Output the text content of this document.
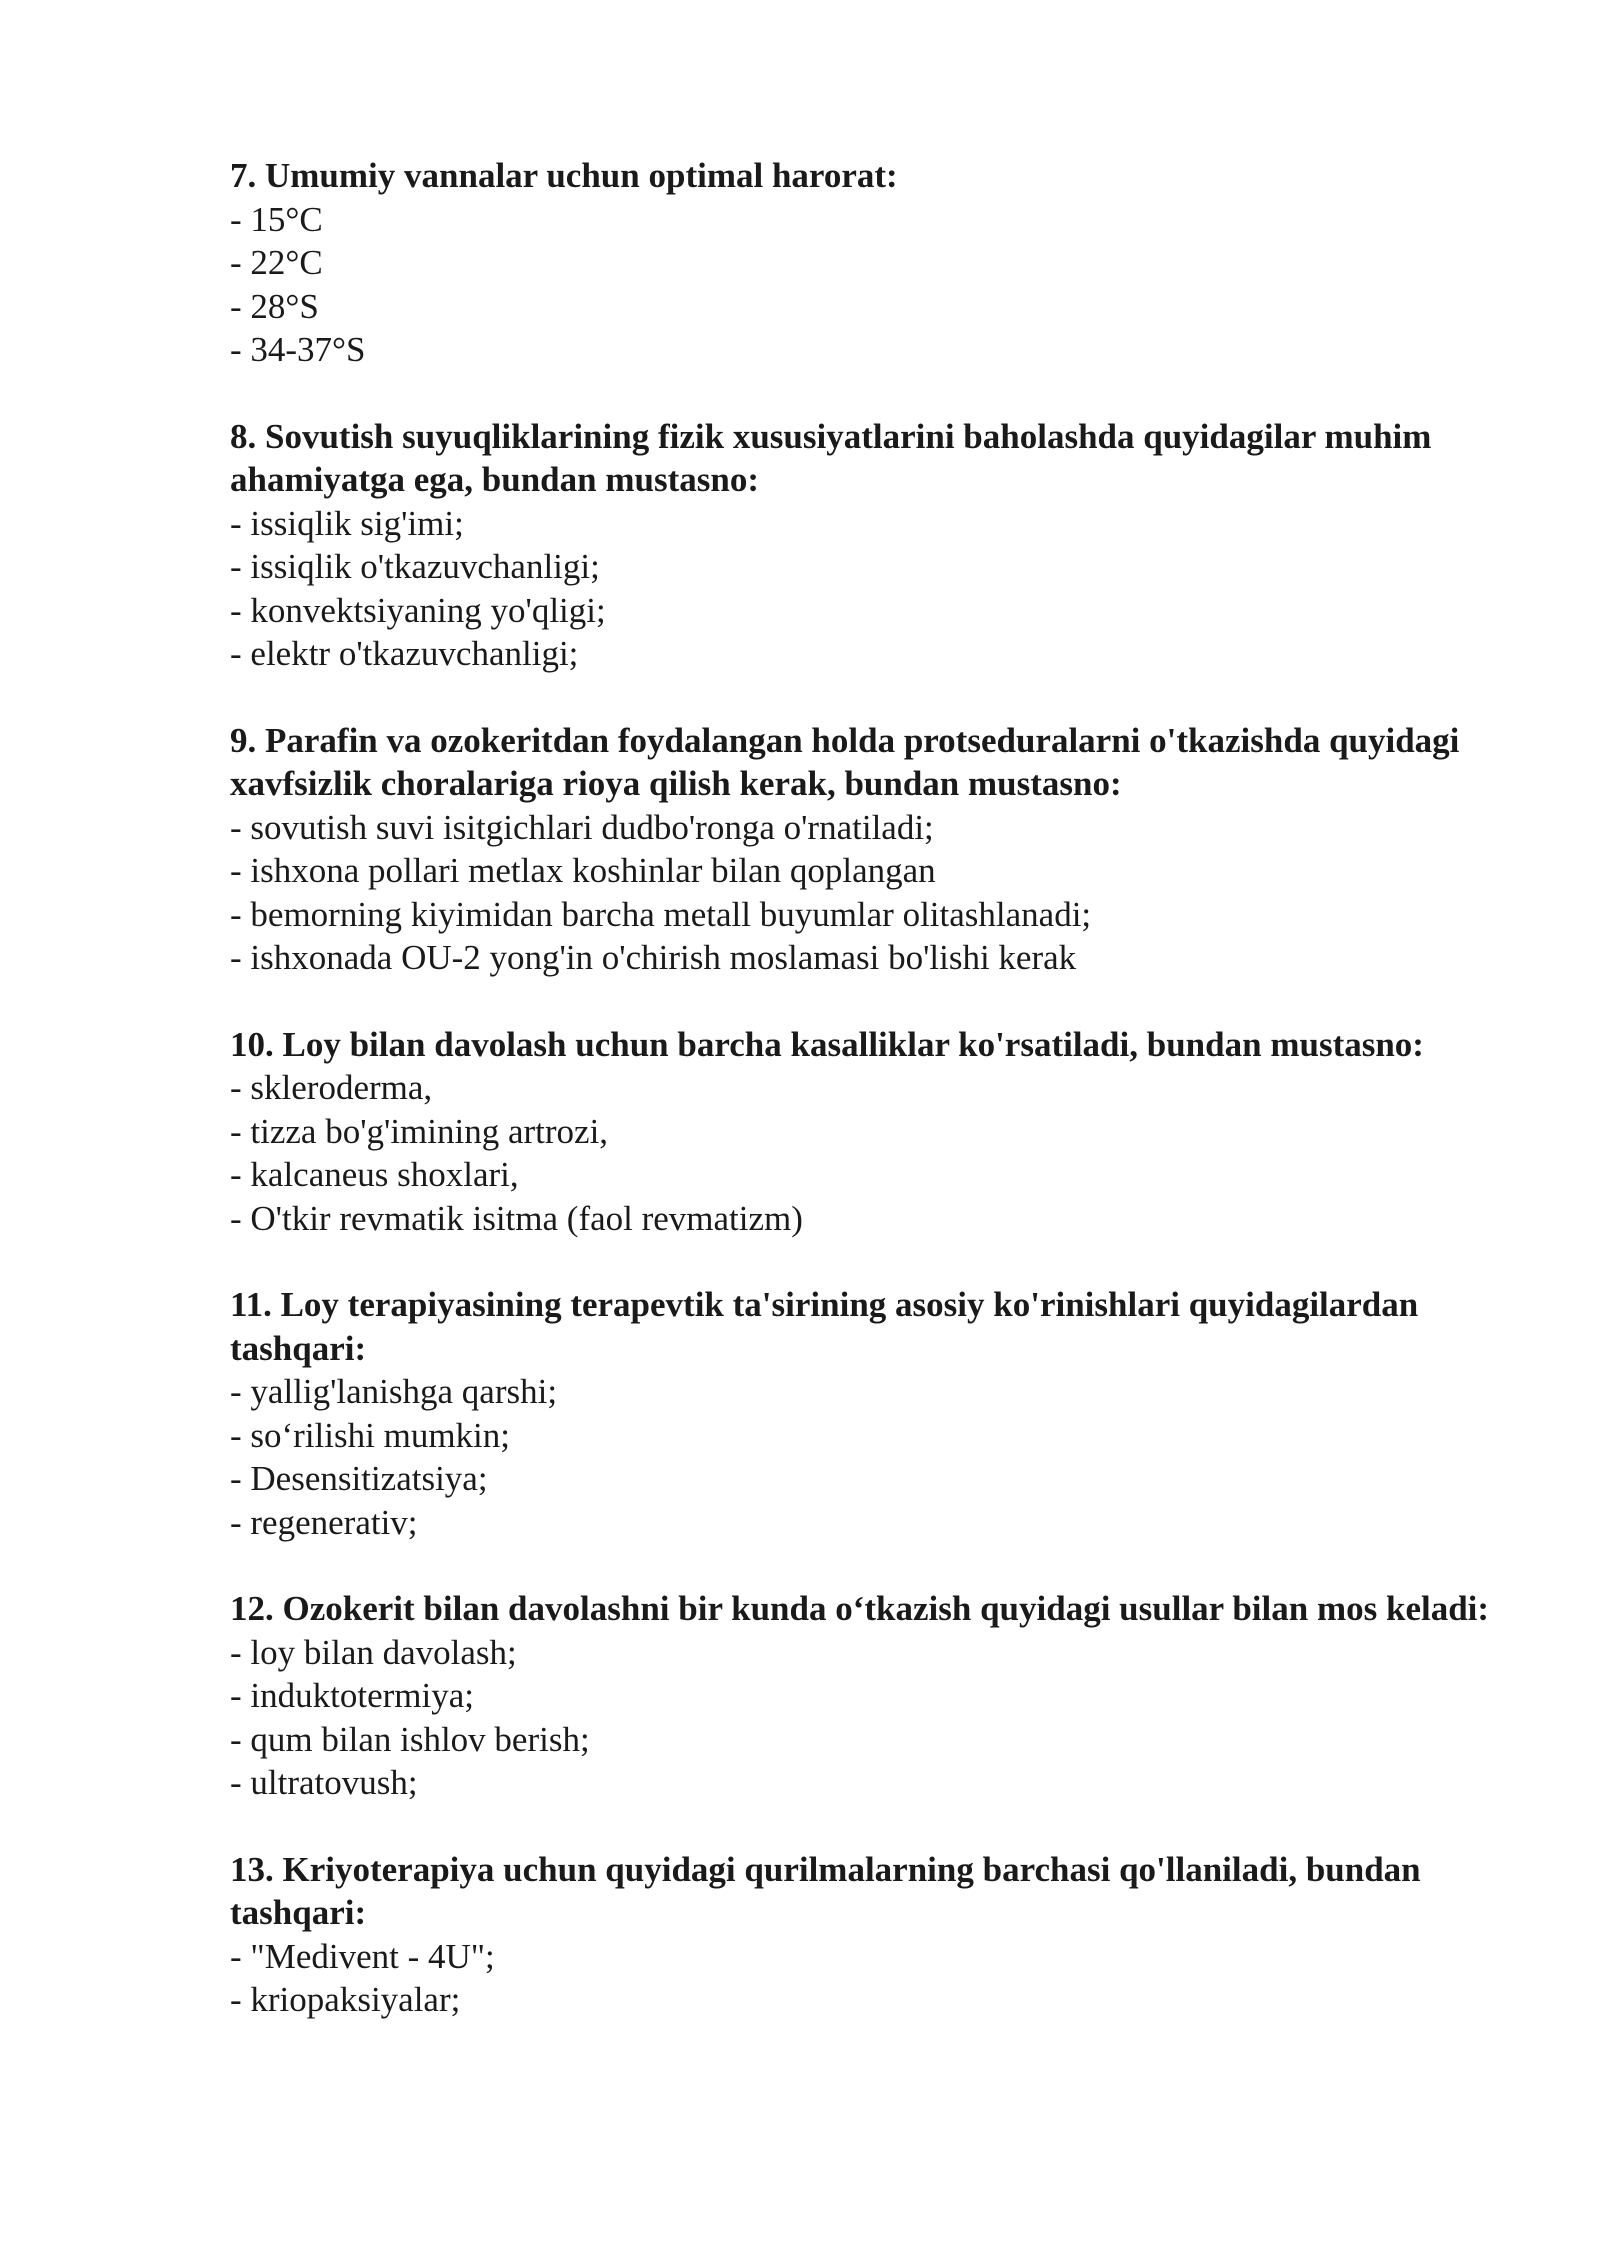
7. Umumiy vannalar uchun optimal harorat:

- 15°C
- 22°C
- 28°S
- 34-37°S

8. Sovutish suyuqliklarining fizik xususiyatlarini baholashda quyidagilar muhim ahamiyatga ega, bundan mustasno:

- issiqlik sig'imi;
- issiqlik o'tkazuvchanligi;
- konvektsiyaning yo'qligi;
- elektr o'tkazuvchanligi;

9. Parafin va ozokeritdan foydalangan holda protseduralarni o'tkazishda quyidagi xavfsizlik choralariga rioya qilish kerak, bundan mustasno:

- sovutish suvi isitgichlari dudbo'ronga o'rnatiladi;
- ishxona pollari metlax koshinlar bilan qoplangan
- bemorning kiyimidan barcha metall buyumlar olitashlanadi;
- ishxonada OU-2 yong'in o'chirish moslamasi bo'lishi kerak

10. Loy bilan davolash uchun barcha kasalliklar ko'rsatiladi, bundan mustasno:

- skleroderma,
- tizza bo'g'imining artrozi,
- kalcaneus shoxlari,
- O'tkir revmatik isitma (faol revmatizm)

11. Loy terapiyasining terapevtik ta'sirining asosiy ko'rinishlari quyidagilardan tashqari:

- yallig'lanishga qarshi;
- so‘rilishi mumkin;
- Desensitizatsiya;
- regenerativ;

12. Ozokerit bilan davolashni bir kunda o‘tkazish quyidagi usullar bilan mos keladi:

- loy bilan davolash;
- induktotermiya;
- qum bilan ishlov berish;
- ultratovush;

13. Kriyoterapiya uchun quyidagi qurilmalarning barchasi qo'llaniladi, bundan tashqari:

- "Medivent - 4U";
- kriopaksiyalar;
